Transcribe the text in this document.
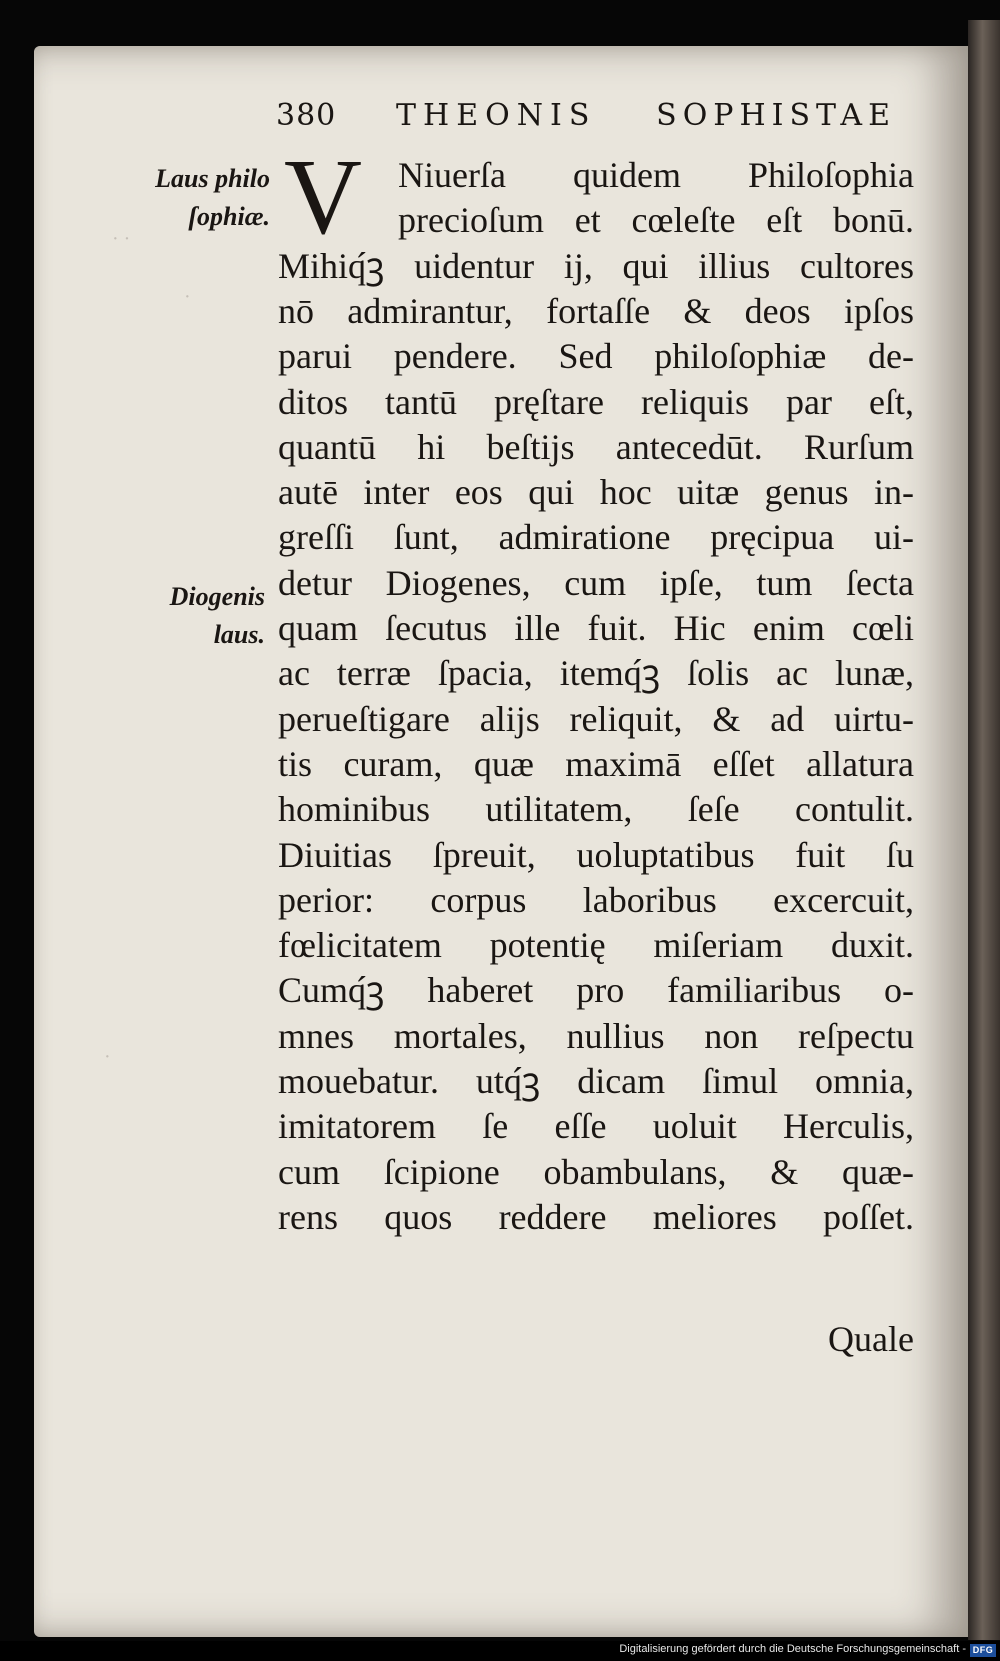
· ·
·
·
380 THEONIS SOPHISTAE
Laus philo
ſophiæ.
Diogenis
laus.
V Niuerſa quidem Philoſophia
precioſum et cœleſte eſt bonū.
Mihiq́ꝫ uidentur ij, qui illius cultores
nō admirantur, fortaſſe & deos ipſos
parui pendere. Sed philoſophiæ de-
ditos tantū pręſtare reliquis par eſt,
quantū hi beſtijs antecedūt. Rurſum
autē inter eos qui hoc uitæ genus in-
greſſi ſunt, admiratione pręcipua ui-
detur Diogenes, cum ipſe, tum ſecta
quam ſecutus ille fuit. Hic enim cœli
ac terræ ſpacia, itemq́ꝫ ſolis ac lunæ,
perueſtigare alijs reliquit, & ad uirtu-
tis curam, quæ maximā eſſet allatura
hominibus utilitatem, ſeſe contulit.
Diuitias ſpreuit, uoluptatibus fuit ſu
perior: corpus laboribus excercuit,
fœlicitatem potentię miſeriam duxit.
Cumq́ꝫ haberet pro familiaribus o-
mnes mortales, nullius non reſpectu
mouebatur. utq́ꝫ dicam ſimul omnia,
imitatorem ſe eſſe uoluit Herculis,
cum ſcipione obambulans, & quæ-
rens quos reddere meliores poſſet.
Quale
Digitalisierung gefördert durch die Deutsche Forschungsgemeinschaft - DFG
